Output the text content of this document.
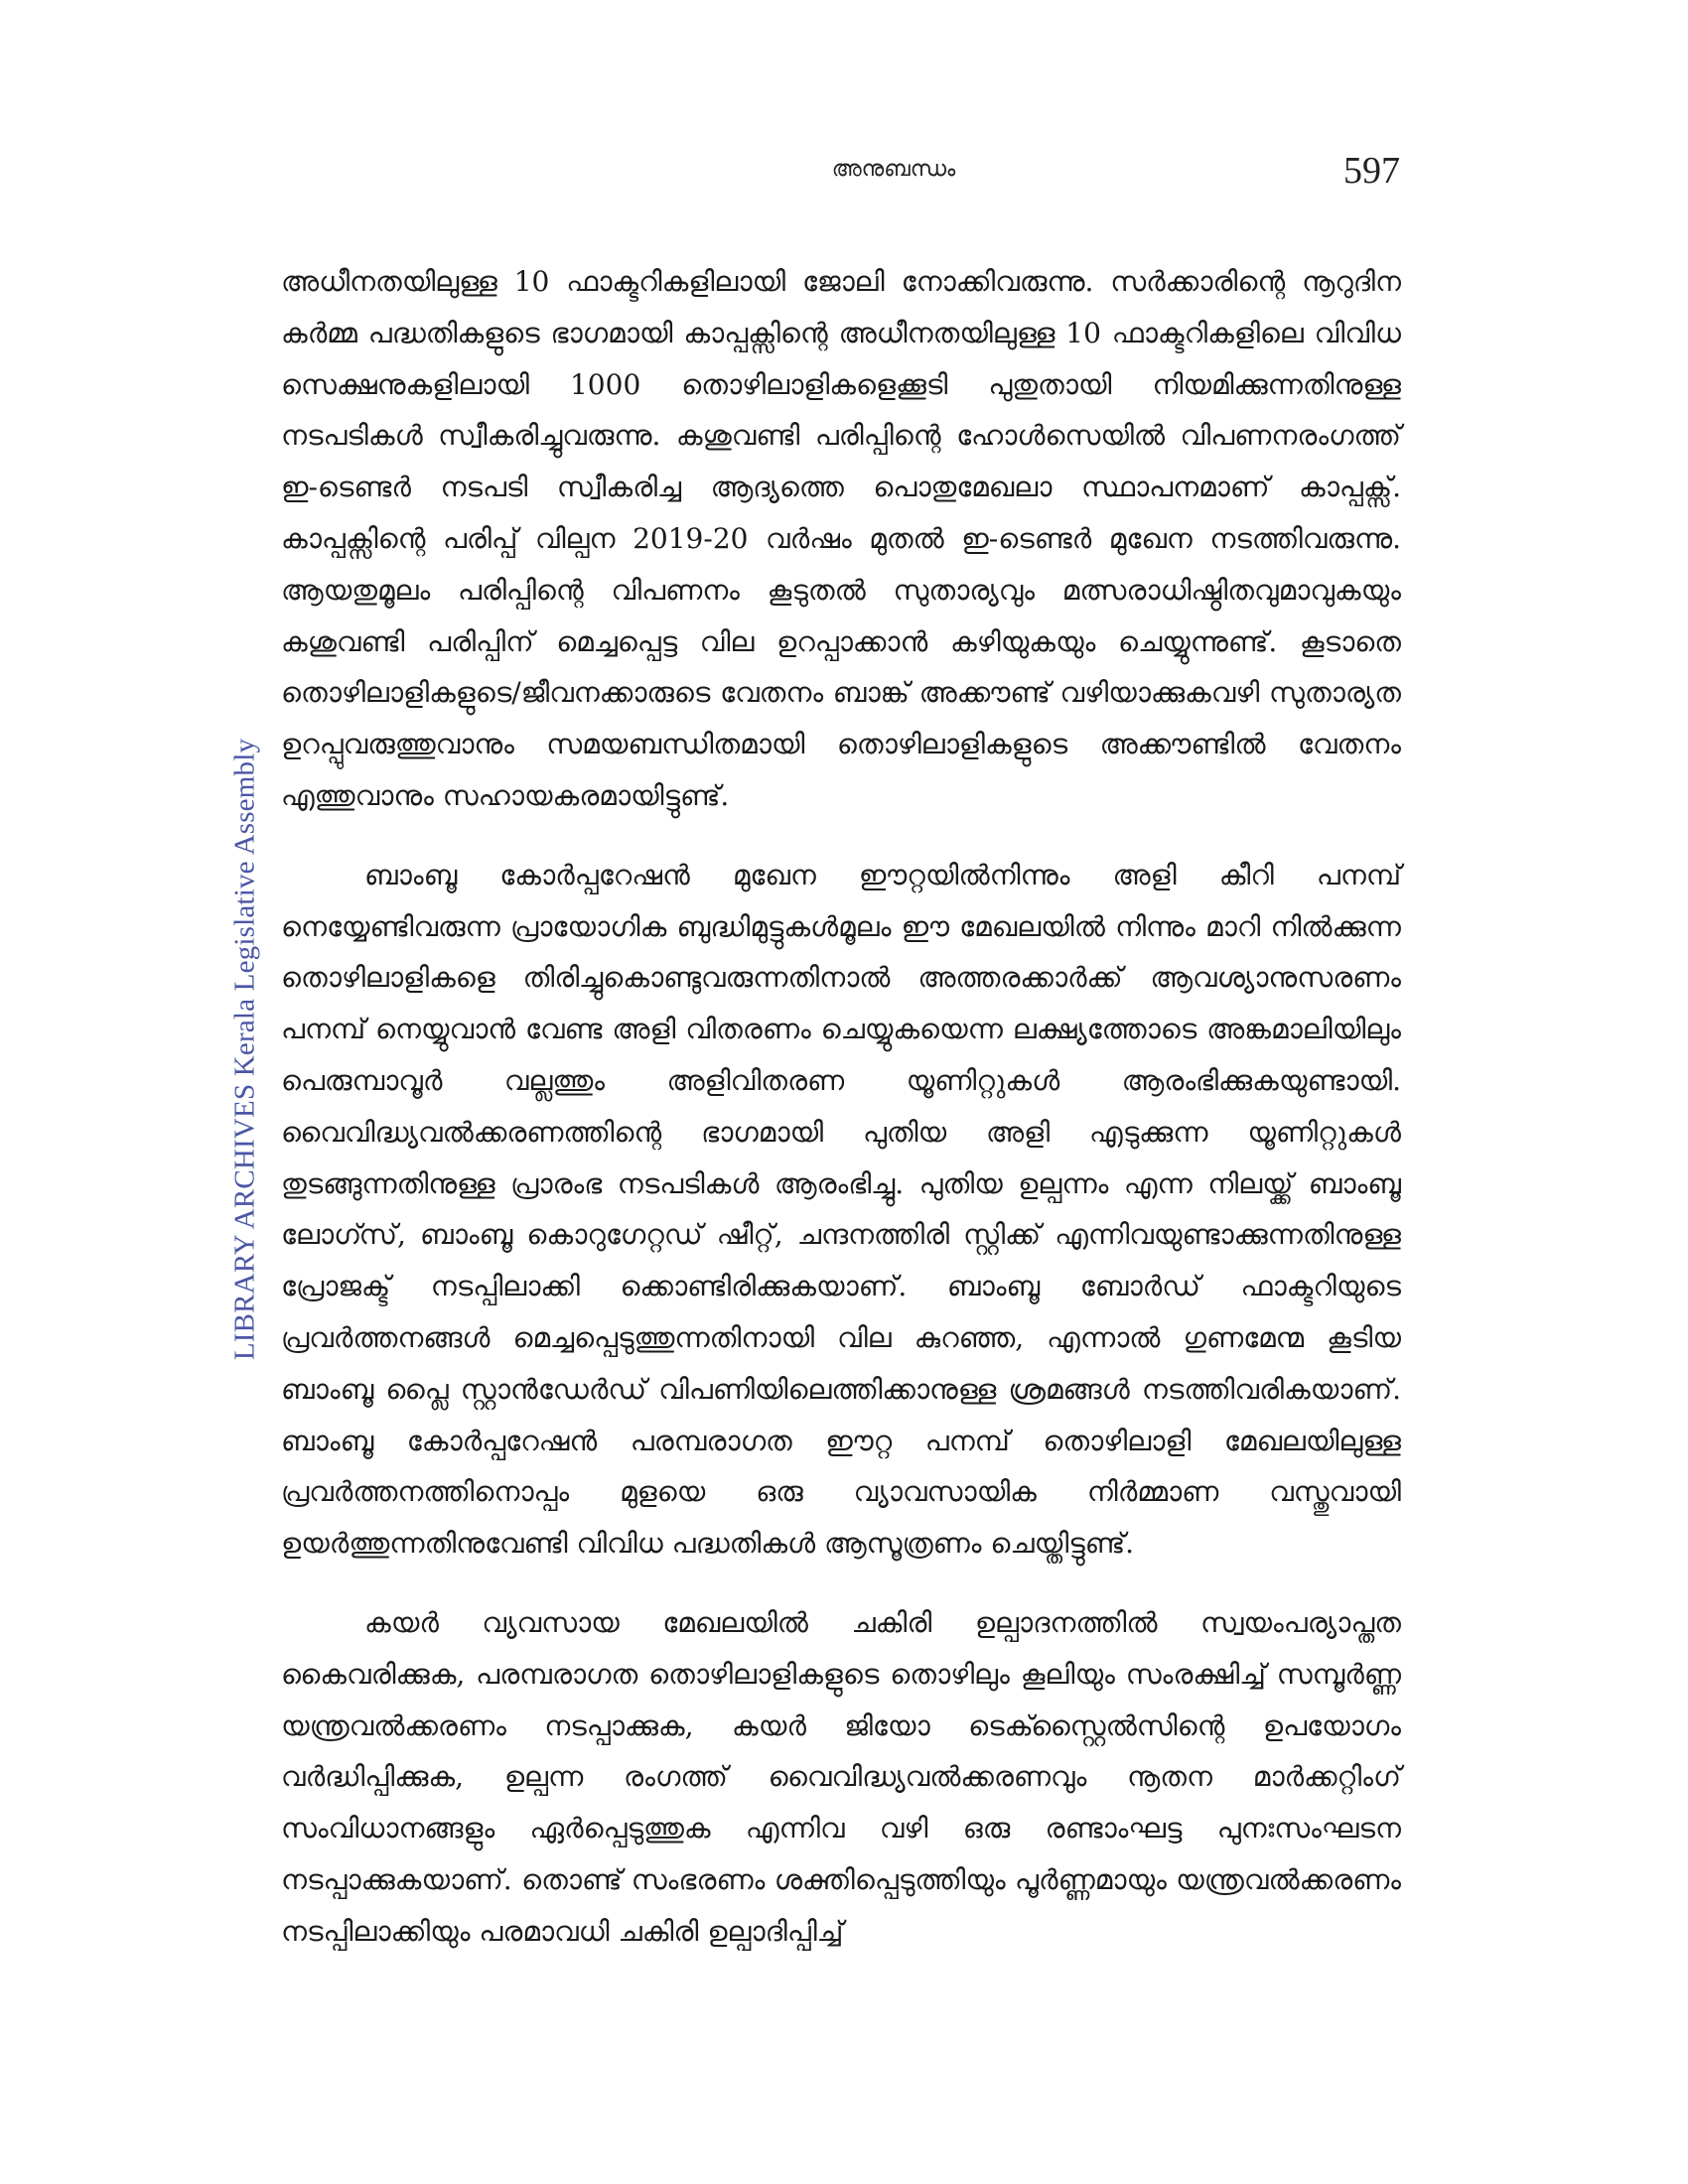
അനുബന്ധം	597
LIBRARY ARCHIVES Kerala Legislative Assembly

അധീനതയിലുള്ള 10 ഫാക്ടറികളിലായി ജോലി നോക്കിവരുന്നു. സർക്കാരിന്റെ നൂറുദിന കർമ്മ പദ്ധതികളുടെ ഭാഗമായി കാപ്പക്സിന്റെ അധീനതയിലുള്ള 10 ഫാക്ടറികളിലെ വിവിധ സെക്ഷനുകളിലായി 1000 തൊഴിലാളികളെക്കൂടി പുതുതായി നിയമിക്കുന്നതിനുള്ള നടപടികൾ സ്വീകരിച്ചുവരുന്നു. കശുവണ്ടി പരിപ്പിന്റെ ഹോൾസെയിൽ വിപണനരംഗത്ത് ഇ-ടെണ്ടർ നടപടി സ്വീകരിച്ച ആദ്യത്തെ പൊതുമേഖലാ സ്ഥാപനമാണ് കാപ്പക്സ്. കാപ്പക്സിന്റെ പരിപ്പ് വില്പന 2019-20 വർഷം മുതൽ ഇ-ടെണ്ടർ മുഖേന നടത്തിവരുന്നു. ആയതുമൂലം പരിപ്പിന്റെ വിപണനം കൂടുതൽ സുതാര്യവും മത്സരാധിഷ്ഠിതവുമാവുകയും കശുവണ്ടി പരിപ്പിന് മെച്ചപ്പെട്ട വില ഉറപ്പാക്കാൻ കഴിയുകയും ചെയ്യുന്നുണ്ട്. കൂടാതെ തൊഴിലാളികളുടെ/ജീവനക്കാരുടെ വേതനം ബാങ്ക് അക്കൗണ്ട് വഴിയാക്കുകവഴി സുതാര്യത ഉറപ്പുവരുത്തുവാനും സമയബന്ധിതമായി തൊഴിലാളികളുടെ അക്കൗണ്ടിൽ വേതനം എത്തുവാനും സഹായകരമായിട്ടുണ്ട്.

ബാംബൂ കോർപ്പറേഷൻ മുഖേന ഈറ്റയിൽനിന്നും അളി കീറി പനമ്പ് നെയ്യേണ്ടിവരുന്ന പ്രായോഗിക ബുദ്ധിമുട്ടുകൾമൂലം ഈ മേഖലയിൽ നിന്നും മാറി നിൽക്കുന്ന തൊഴിലാളികളെ തിരിച്ചുകൊണ്ടുവരുന്നതിനാൽ അത്തരക്കാർക്ക് ആവശ്യാനുസരണം പനമ്പ് നെയ്യുവാൻ വേണ്ട അളി വിതരണം ചെയ്യുകയെന്ന ലക്ഷ്യത്തോടെ അങ്കമാലിയിലും പെരുമ്പാവൂർ വല്ലത്തും അളിവിതരണ യൂണിറ്റുകൾ ആരംഭിക്കുകയുണ്ടായി. വൈവിദ്ധ്യവൽക്കരണത്തിന്റെ ഭാഗമായി പുതിയ അളി എടുക്കുന്ന യൂണിറ്റുകൾ തുടങ്ങുന്നതിനുള്ള പ്രാരംഭ നടപടികൾ ആരംഭിച്ചു. പുതിയ ഉല്പന്നം എന്ന നിലയ്ക്ക് ബാംബൂ ലോഗ്സ്, ബാംബൂ കൊറുഗേറ്റഡ് ഷീറ്റ്, ചന്ദനത്തിരി സ്റ്റിക്ക് എന്നിവയുണ്ടാക്കുന്നതിനുള്ള പ്രോജക്ട് നടപ്പിലാക്കി ക്കൊണ്ടിരിക്കുകയാണ്. ബാംബൂ ബോർഡ് ഫാക്ടറിയുടെ പ്രവർത്തനങ്ങൾ മെച്ചപ്പെടുത്തുന്നതിനായി വില കുറഞ്ഞ, എന്നാൽ ഗുണമേന്മ കൂടിയ ബാംബൂ പ്ലൈ സ്റ്റാൻഡേർഡ് വിപണിയിലെത്തിക്കാനുള്ള ശ്രമങ്ങൾ നടത്തിവരികയാണ്. ബാംബൂ കോർപ്പറേഷൻ പരമ്പരാഗത ഈറ്റ പനമ്പ് തൊഴിലാളി മേഖലയിലുള്ള പ്രവർത്തനത്തിനൊപ്പം മുളയെ ഒരു വ്യാവസായിക നിർമ്മാണ വസ്തുവായി ഉയർത്തുന്നതിനുവേണ്ടി വിവിധ പദ്ധതികൾ ആസൂത്രണം ചെയ്തിട്ടുണ്ട്.

കയർ വ്യവസായ മേഖലയിൽ ചകിരി ഉല്പാദനത്തിൽ സ്വയംപര്യാപ്തത കൈവരിക്കുക, പരമ്പരാഗത തൊഴിലാളികളുടെ തൊഴിലും കൂലിയും സംരക്ഷിച്ച് സമ്പൂർണ്ണ യന്ത്രവൽക്കരണം നടപ്പാക്കുക, കയർ ജിയോ ടെക്സ്റ്റൈൽസിന്റെ ഉപയോഗം വർദ്ധിപ്പിക്കുക, ഉല്പന്ന രംഗത്ത് വൈവിദ്ധ്യവൽക്കരണവും നൂതന മാർക്കറ്റിംഗ് സംവിധാനങ്ങളും ഏർപ്പെടുത്തുക എന്നിവ വഴി ഒരു രണ്ടാംഘട്ട പുനഃസംഘടന നടപ്പാക്കുകയാണ്. തൊണ്ട് സംഭരണം ശക്തിപ്പെടുത്തിയും പൂർണ്ണമായും യന്ത്രവൽക്കരണം നടപ്പിലാക്കിയും പരമാവധി ചകിരി ഉല്പാദിപ്പിച്ച്
